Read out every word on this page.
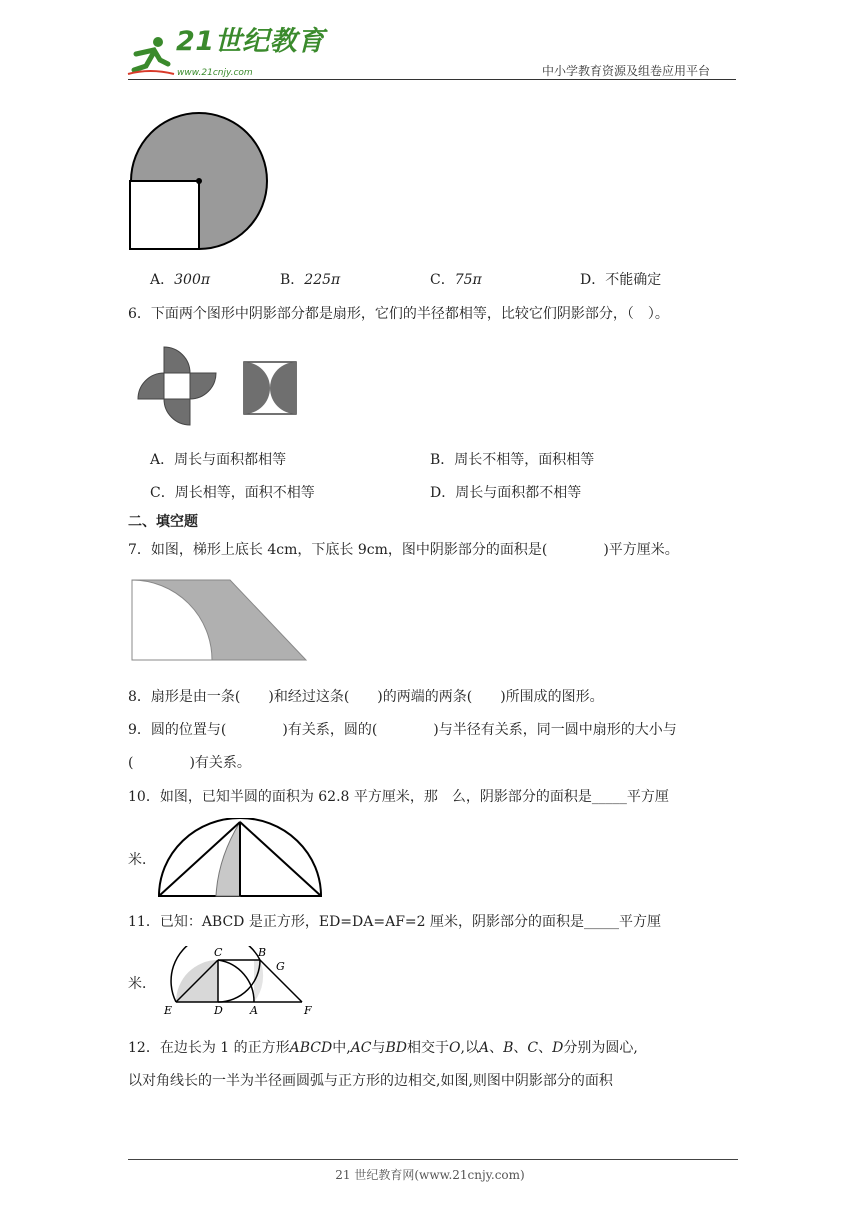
21世纪教育
www.21cnjy.com	中小学教育资源及组卷应用平台
A．300π	B．225π	C．75π	D．不能确定
6．下面两个图形中阴影部分都是扇形，它们的半径都相等，比较它们阴影部分，（　）。
A．周长与面积都相等	B．周长不相等，面积相等
C．周长相等，面积不相等	D．周长与面积都不相等
二、填空题
7．如图，梯形上底长 4cm，下底长 9cm，图中阴影部分的面积是(　　　　)平方厘米。
8．扇形是由一条(　　)和经过这条(　　)的两端的两条(　　)所围成的图形。
9．圆的位置与(　　　　)有关系，圆的(　　　　)与半径有关系，同一圆中扇形的大小与
(　　　　)有关系。
10．如图，已知半圆的面积为 62.8 平方厘米，那　么，阴影部分的面积是_____平方厘
米．
11．已知：ABCD 是正方形，ED=DA=AF=2 厘米，阴影部分的面积是_____平方厘
米．
C	B
G
E	D A	F
12．在边长为 1 的正方形ABCD中,AC与BD相交于O,以A、B、C、D分别为圆心,
以对角线长的一半为半径画圆弧与正方形的边相交,如图,则图中阴影部分的面积
21 世纪教育网(www.21cnjy.com)
